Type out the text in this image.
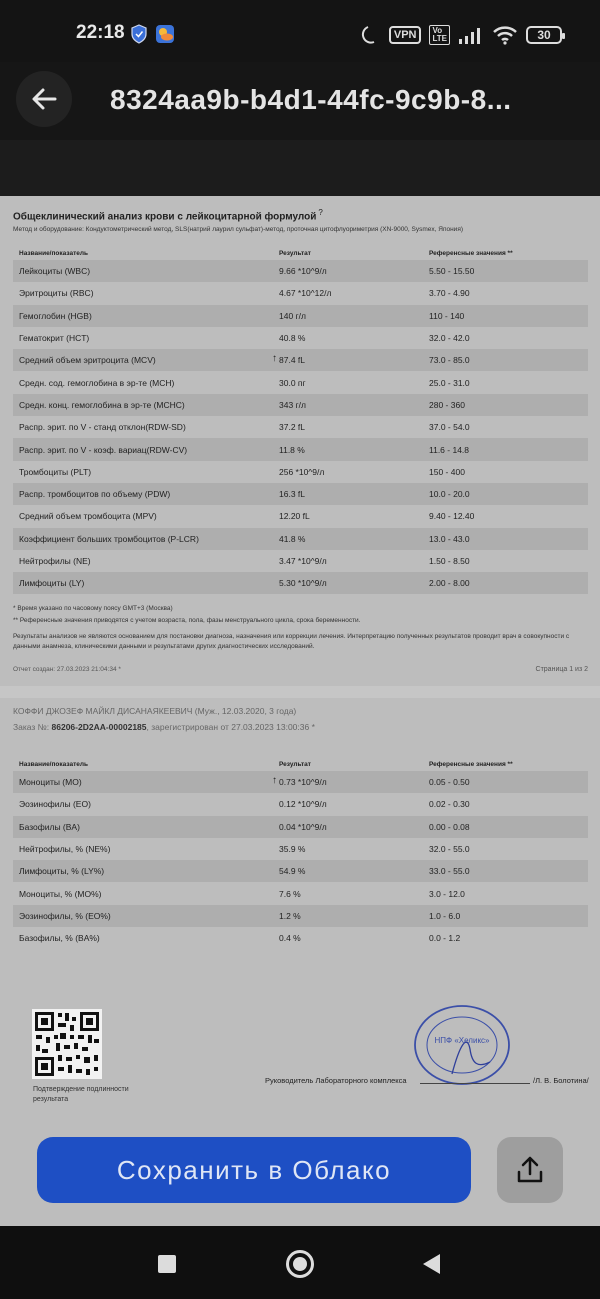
22:18	VPN	Vo
LTE	30
8324aa9b-b4d1-44fc-9c9b-8...
Общеклинический анализ крови с лейкоцитарной формулой ?
Метод и оборудование: Кондуктометрический метод, SLS(натрий лаурил сульфат)-метод, проточная цитофлуориметрия (XN-9000, Sysmex, Япония)
Название/показатель	Результат	Референсные значения **
Лейкоциты (WBC)	9.66 *10^9/л	5.50 - 15.50
Эритроциты (RBC)	4.67 *10^12/л	3.70 - 4.90
Гемоглобин (HGB)	140 г/л	110 - 140
Гематокрит (HCT)	40.8 %	32.0 - 42.0
Средний объем эритроцита (MCV)	↑ 87.4 fL	73.0 - 85.0
Средн. сод. гемоглобина в эр-те (MCH)	30.0 пг	25.0 - 31.0
Средн. конц. гемоглобина в эр-те (MCHC)	343 г/л	280 - 360
Распр. эрит. по V - станд отклон(RDW-SD)	37.2 fL	37.0 - 54.0
Распр. эрит. по V - коэф. вариац(RDW-CV)	11.8 %	11.6 - 14.8
Тромбоциты (PLT)	256 *10^9/л	150 - 400
Распр. тромбоцитов по объему (PDW)	16.3 fL	10.0 - 20.0
Средний объем тромбоцита (MPV)	12.20 fL	9.40 - 12.40
Коэффициент больших тромбоцитов (P-LCR)	41.8 %	13.0 - 43.0
Нейтрофилы (NE)	3.47 *10^9/л	1.50 - 8.50
Лимфоциты (LY)	5.30 *10^9/л	2.00 - 8.00
* Время указано по часовому поясу GMT+3 (Москва)
** Референсные значения приводятся с учетом возраста, пола, фазы менструального цикла, срока беременности.
Результаты анализов не являются основанием для постановки диагноза, назначения или коррекции лечения. Интерпретацию полученных результатов проводит врач в совокупности с данными анамнеза, клиническими данными и результатами других диагностических исследований.
Отчет создан: 27.03.2023 21:04:34 *	Страница 1 из 2
КОФФИ ДЖОЗЕФ МАЙКЛ ДИСАНАЯКЕЕВИЧ (Муж., 12.03.2020, 3 года)
Заказ №: 86206-2D2AA-00002185, зарегистрирован от 27.03.2023 13:00:36 *
Название/показатель	Результат	Референсные значения **
Моноциты (MO)	↑ 0.73 *10^9/л	0.05 - 0.50
Эозинофилы (EO)	0.12 *10^9/л	0.02 - 0.30
Базофилы (BA)	0.04 *10^9/л	0.00 - 0.08
Нейтрофилы, % (NE%)	35.9 %	32.0 - 55.0
Лимфоциты, % (LY%)	54.9 %	33.0 - 55.0
Моноциты, % (MO%)	7.6 %	3.0 - 12.0
Эозинофилы, % (EO%)	1.2 %	1.0 - 6.0
Базофилы, % (BA%)	0.4 %	0.0 - 1.2
Подтверждение подлинности результата
НПФ «Хеликс»
Руководитель Лабораторного комплекса	/Л. В. Болотина/
Сохранить в Облако
